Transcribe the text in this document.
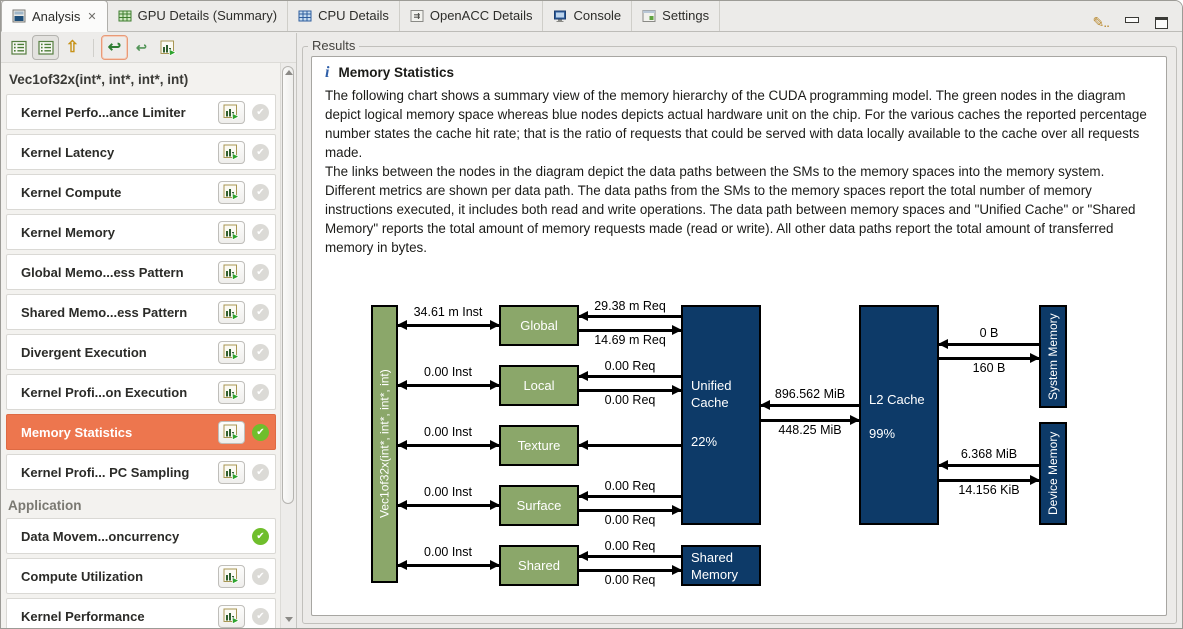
Analysis ✕	GPU Details (Summary)	CPU Details	OpenACC Details	Console	Settings	✎..
⇧ ↩ ↩
Vec1of32x(int*, int*, int*, int)
Kernel Perfo...ance Limiter	✔
Kernel Latency	✔
Kernel Compute	✔
Kernel Memory	✔
Global Memo...ess Pattern	✔
Shared Memo...ess Pattern	✔
Divergent Execution	✔
Kernel Profi...on Execution	✔
Memory Statistics	✔
Kernel Profi... PC Sampling	✔
Application
Data Movem...oncurrency	✔
Compute Utilization	✔
Kernel Performance	✔
Results
i Memory Statistics

The following chart shows a summary view of the memory hierarchy of the CUDA programming model. The green nodes in the diagram depict logical memory space whereas blue nodes depicts actual hardware unit on the chip. For the various caches the reported percentage number states the cache hit rate; that is the ratio of requests that could be served with data locally available to the cache over all requests made.

The links between the nodes in the diagram depict the data paths between the SMs to the memory spaces into the memory system. Different metrics are shown per data path. The data paths from the SMs to the memory spaces report the total number of memory instructions executed, it includes both read and write operations. The data path between memory spaces and "Unified Cache" or "Shared Memory" reports the total amount of memory requests made (read or write). All other data paths report the total amount of transferred memory in bytes.

Vec1of32x(int*, int*, int*, int)
Global
Local
Texture
Surface
Shared
Unified Cache
22%
Shared Memory
L2 Cache
99%
System Memory
Device Memory
34.61 m Inst
0.00 Inst
0.00 Inst
0.00 Inst
0.00 Inst
29.38 m Req
14.69 m Req
0.00 Req
0.00 Req
0.00 Req
0.00 Req
0.00 Req
0.00 Req
896.562 MiB
448.25 MiB
0 B
160 B
6.368 MiB
14.156 KiB
